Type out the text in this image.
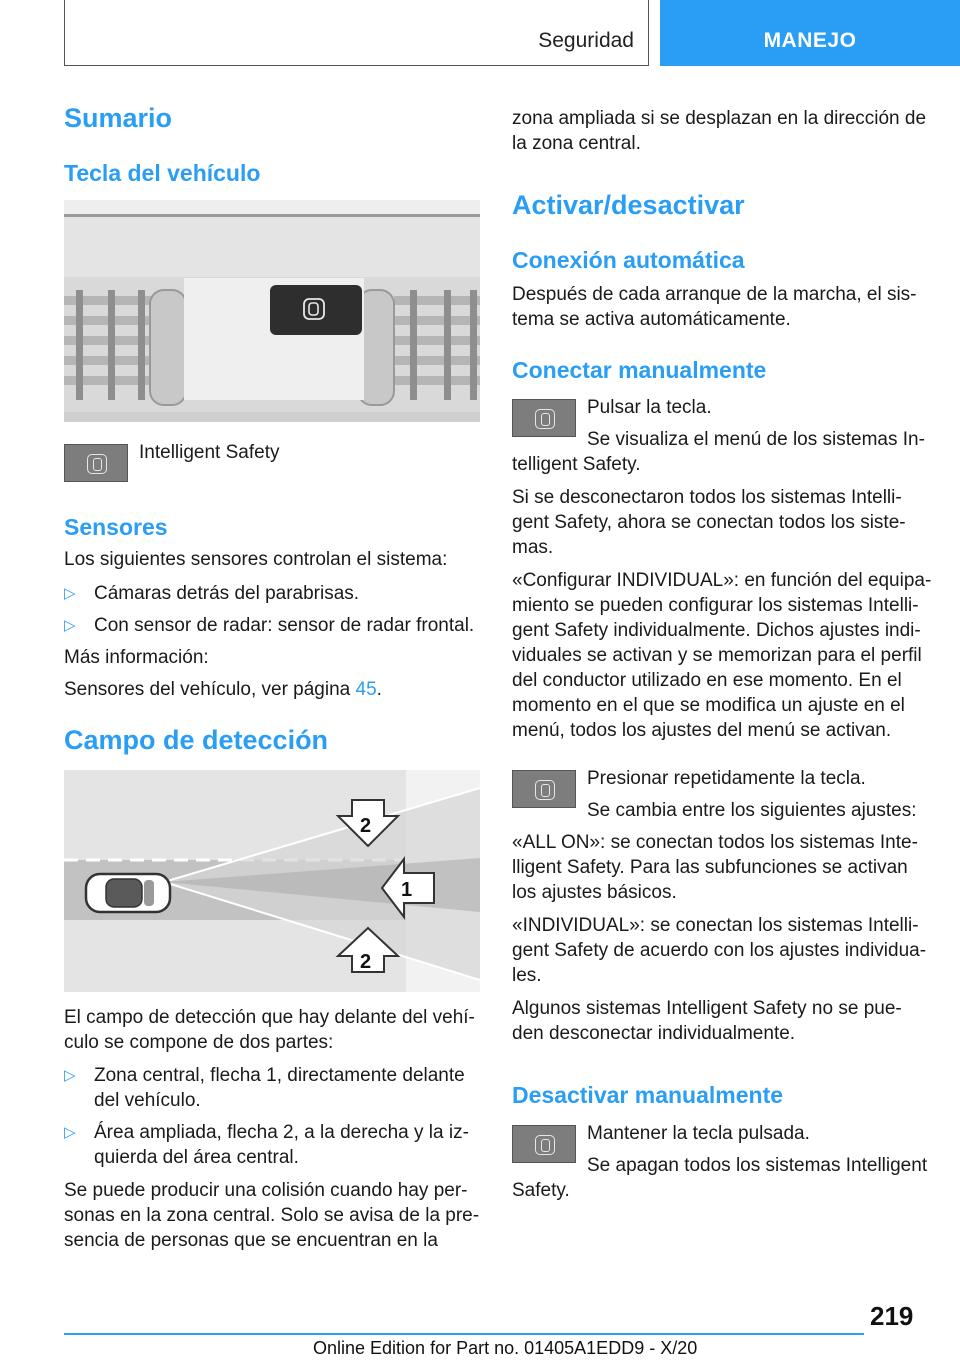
Seguridad	MANEJO
Sumario
Tecla del vehículo
Intelligent Safety
Sensores
Los siguientes sensores controlan el sistema:
▷ Cámaras detrás del parabrisas.
▷ Con sensor de radar: sensor de radar frontal.
Más información:
Sensores del vehículo, ver página 45.
Campo de detección
2
1
2
El campo de detección que hay delante del vehí-
culo se compone de dos partes:
▷ Zona central, flecha 1, directamente delante
del vehículo.
▷ Área ampliada, flecha 2, a la derecha y la iz-
quierda del área central.
Se puede producir una colisión cuando hay per-
sonas en la zona central. Solo se avisa de la pre-
sencia de personas que se encuentran en la
zona ampliada si se desplazan en la dirección de
la zona central.
Activar/desactivar
Conexión automática
Después de cada arranque de la marcha, el sis-
tema se activa automáticamente.
Conectar manualmente
Pulsar la tecla.
Se visualiza el menú de los sistemas In-
telligent Safety.
Si se desconectaron todos los sistemas Intelli-
gent Safety, ahora se conectan todos los siste-
mas.
«Configurar INDIVIDUAL»: en función del equipa-
miento se pueden configurar los sistemas Intelli-
gent Safety individualmente. Dichos ajustes indi-
viduales se activan y se memorizan para el perfil
del conductor utilizado en ese momento. En el
momento en el que se modifica un ajuste en el
menú, todos los ajustes del menú se activan.
Presionar repetidamente la tecla.
Se cambia entre los siguientes ajustes:
«ALL ON»: se conectan todos los sistemas Inte-
lligent Safety. Para las subfunciones se activan
los ajustes básicos.
«INDIVIDUAL»: se conectan los sistemas Intelli-
gent Safety de acuerdo con los ajustes individua-
les.
Algunos sistemas Intelligent Safety no se pue-
den desconectar individualmente.
Desactivar manualmente
Mantener la tecla pulsada.
Se apagan todos los sistemas Intelligent
Safety.
219
Online Edition for Part no. 01405A1EDD9 - X/20
